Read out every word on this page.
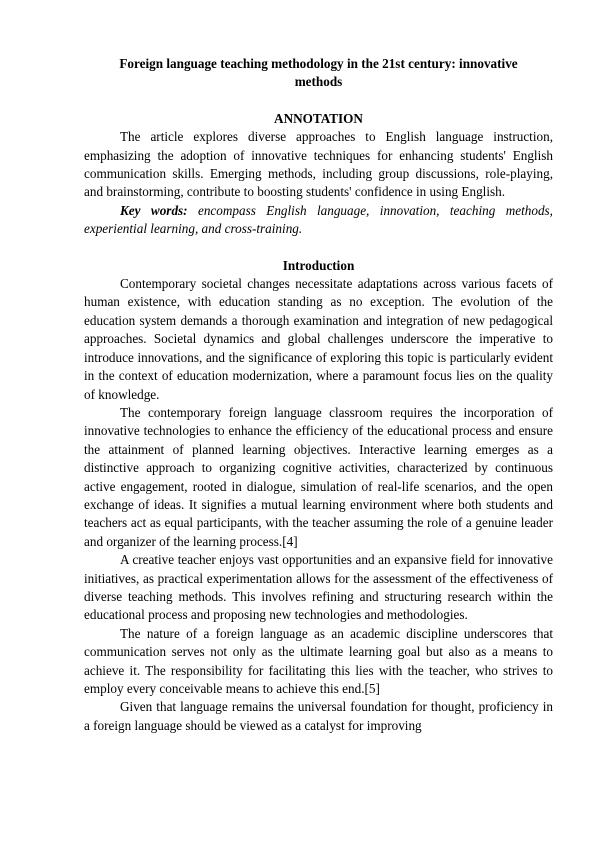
Foreign language teaching methodology in the 21st century: innovative methods

ANNOTATION

The article explores diverse approaches to English language instruction, emphasizing the adoption of innovative techniques for enhancing students' English communication skills. Emerging methods, including group discussions, role-playing, and brainstorming, contribute to boosting students' confidence in using English.

Key words: encompass English language, innovation, teaching methods, experiential learning, and cross-training.

Introduction

Contemporary societal changes necessitate adaptations across various facets of human existence, with education standing as no exception. The evolution of the education system demands a thorough examination and integration of new pedagogical approaches. Societal dynamics and global challenges underscore the imperative to introduce innovations, and the significance of exploring this topic is particularly evident in the context of education modernization, where a paramount focus lies on the quality of knowledge.

The contemporary foreign language classroom requires the incorporation of innovative technologies to enhance the efficiency of the educational process and ensure the attainment of planned learning objectives. Interactive learning emerges as a distinctive approach to organizing cognitive activities, characterized by continuous active engagement, rooted in dialogue, simulation of real-life scenarios, and the open exchange of ideas. It signifies a mutual learning environment where both students and teachers act as equal participants, with the teacher assuming the role of a genuine leader and organizer of the learning process.[4]

A creative teacher enjoys vast opportunities and an expansive field for innovative initiatives, as practical experimentation allows for the assessment of the effectiveness of diverse teaching methods. This involves refining and structuring research within the educational process and proposing new technologies and methodologies.

The nature of a foreign language as an academic discipline underscores that communication serves not only as the ultimate learning goal but also as a means to achieve it. The responsibility for facilitating this lies with the teacher, who strives to employ every conceivable means to achieve this end.[5]

Given that language remains the universal foundation for thought, proficiency in a foreign language should be viewed as a catalyst for improving
